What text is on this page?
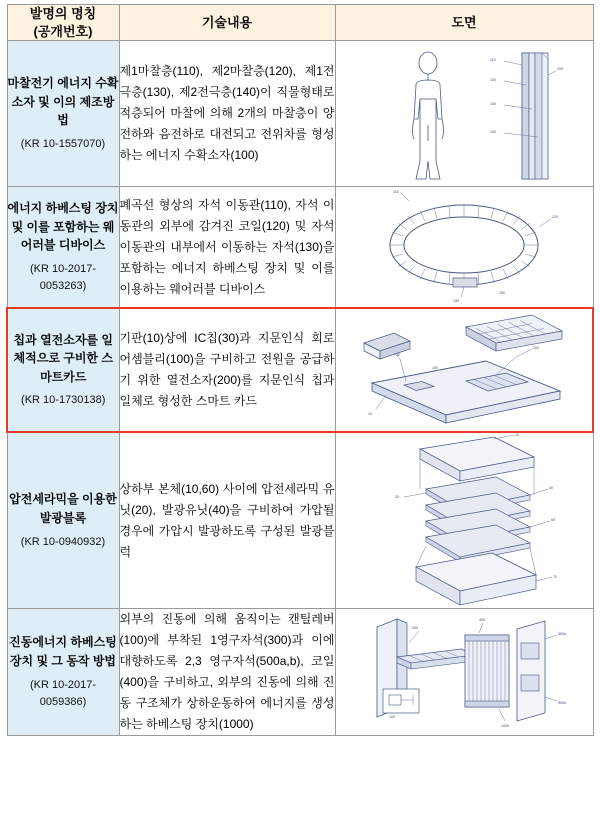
발명의 명칭
(공개번호)	기술내용	도면
마찰전기 에너지 수확소자 및 이의 제조방법
(KR 10-1557070)	제1마찰층(110), 제2마찰층(120), 제1전극층(130), 제2전극층(140)이 직물형태로 적층되어 마찰에 의해 2개의 마찰층이 양전하와 음전하로 대전되고 전위차를 형성하는 에너지 수확소자(100)	110
120
130
140
100

에너지 하베스팅 장치 및 이를 포함하는 웨어러블 디바이스
(KR 10-2017-0053263)	폐곡선 형상의 자석 이동관(110), 자석 이동관의 외부에 감겨진 코일(120) 및 자석 이동관의 내부에서 이동하는 자석(130)을 포함하는 에너지 하베스팅 장치 및 이를 이용하는 웨어러블 디바이스	120
110
130
100

칩과 열전소자를 일체적으로 구비한 스마트카드
(KR 10-1730138)	기판(10)상에 IC칩(30)과 지문인식 회로 어셈블리(100)을 구비하고 전원을 공급하기 위한 열전소자(200)를 지문인식 칩과 일체로 형성한 스마트 카드	30
100
200
10

압전세라믹을 이용한 발광블록
(KR 10-0940932)	상하부 본체(10,60) 사이에 압전세라믹 유닛(20), 발광유닛(40)을 구비하여 가압될 경우에 가압시 발광하도록 구성된 발광블럭	10
20
40
60
70

진동에너지 하베스팅 장치 및 그 동작 방법
(KR 10-2017-0059386)
	외부의 진동에 의해 움직이는 캔틸레버(100)에 부착된 1영구자석(300)과 이에 대향하도록 2,3 영구자석(500a,b), 코일(400)을 구비하고, 외부의 진동에 의해 진동 구조체가 상하운동하여 에너지를 생성하는 하베스팅 장치(1000)	100
300
400
500a
500b
1000
